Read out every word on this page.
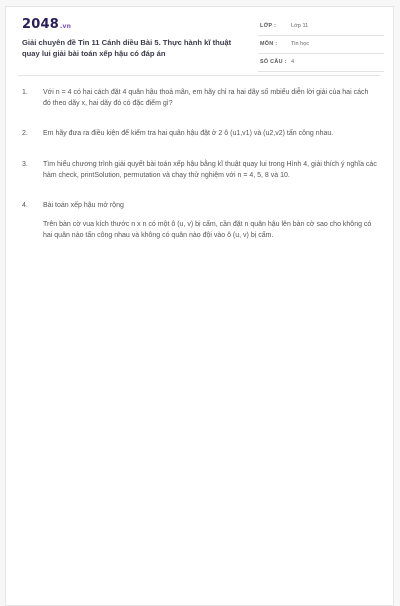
2048.vn
Giải chuyên đề Tin 11 Cánh diều Bài 5. Thực hành kĩ thuật quay lui giải bài toán xếp hậu có đáp án
LỚP :	Lớp 11
MÔN : Tin học
SỐ CÂU : 4
1. Với n = 4 có hai cách đặt 4 quân hậu thoả mãn, em hãy chỉ ra hai dãy số mbiểu diễn lời giải của hai cách đó theo dãy x, hai dãy đó có đặc điểm gì?
2. Em hãy đưa ra điều kiện để kiểm tra hai quân hậu đặt ở 2 ô (u1,v1) và (u2,v2) tấn công nhau.
3. Tìm hiểu chương trình giải quyết bài toán xếp hậu bằng kĩ thuật quay lui trong Hình 4, giải thích ý nghĩa các hàm check, printSolution, permutation và chạy thử nghiệm với n = 4, 5, 8 và 10.
4. Bài toán xếp hậu mở rộng
Trên bàn cờ vua kích thước n x n có một ô (u, v) bị cấm, cần đặt n quân hậu lên bàn cờ sao cho không có hai quân nào tấn công nhau và không có quân nào đội vào ô (u, v) bị cấm.
